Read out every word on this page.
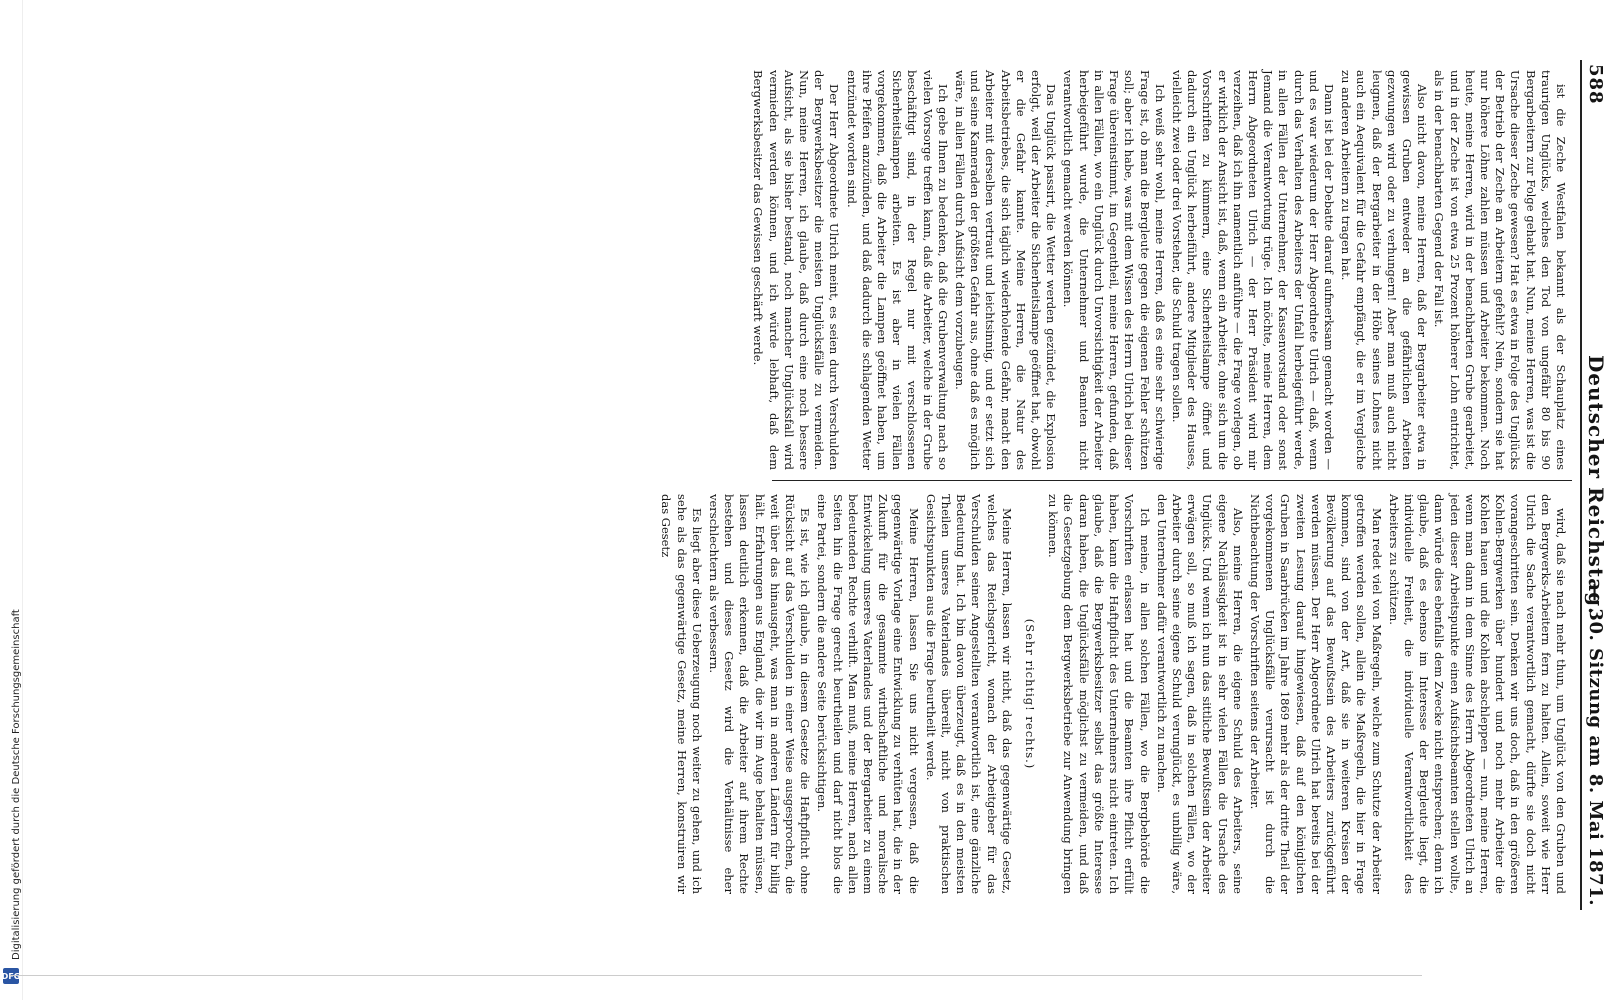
Digitalisierung gefördert durch die Deutsche Forschungsgemeinschaft
DFG
588
Deutscher Reichstag.
— 30. Sitzung am 8. Mai 1871.

ist die Zeche Westfalen bekannt als der Schauplatz eines traurigen Unglücks, welches den Tod von ungefähr 80 bis 90 Bergarbeitern zur Folge gehabt hat. Nun, meine Herren, was ist die Ursache dieser Zeche gewesen? Hat es etwa in Folge des Unglücks der Betrieb der Zeche an Arbeitern gefehlt? Nein, sondern sie hat nur höhere Löhne zahlen müssen und Arbeiter bekommen. Noch heute, meine Herren, wird in der benachbarten Grube gearbeitet, und in der Zeche ist von etwa 25 Prozent höherer Lohn entrichtet, als in der benachbarten Gegend der Fall ist.

Also nicht davon, meine Herren, daß der Bergarbeiter etwa in gewissen Gruben entweder an die gefährlichen Arbeiten gezwungen wird oder zu verhungern! Aber man muß auch nicht leugnen, daß der Bergarbeiter in der Höhe seines Lohnes nicht auch ein Aequivalent für die Gefahr empfängt, die er im Vergleiche zu anderen Arbeitern zu tragen hat.

Dann ist bei der Debatte darauf aufmerksam gemacht worden — und es war wiederum der Herr Abgeordnete Ulrich — daß, wenn durch das Verhalten des Arbeiters der Unfall herbeigeführt werde, in allen Fällen der Unternehmer, der Kassenvorstand oder sonst Jemand die Verantwortung trüge. Ich möchte, meine Herren, dem Herrn Abgeordneten Ulrich — der Herr Präsident wird mir verzeihen, daß ich ihn namentlich anführe — die Frage vorlegen, ob er wirklich der Ansicht ist, daß, wenn ein Arbeiter, ohne sich um die Vorschriften zu kümmern, eine Sicherheitslampe öffnet und dadurch ein Unglück herbeiführt, andere Mitglieder des Hauses, vielleicht zwei oder drei Vorsteher, die Schuld tragen sollen.

Ich weiß sehr wohl, meine Herren, daß es eine sehr schwierige Frage ist, ob man die Bergleute gegen die eigenen Fehler schützen soll; aber ich habe, was mit dem Wissen des Herrn Ulrich bei dieser Frage übereinstimmt, im Gegentheil, meine Herren, gefunden, daß in allen Fällen, wo ein Unglück durch Unvorsichtigkeit der Arbeiter herbeigeführt wurde, die Unternehmer und Beamten nicht verantwortlich gemacht werden können.

Das Unglück passirt, die Wetter werden gezündet, die Explosion erfolgt, weil der Arbeiter die Sicherheitslampe geöffnet hat, obwohl er die Gefahr kannte. Meine Herren, die Natur des Arbeitsbetriebes, die sich täglich wiederholende Gefahr, macht den Arbeiter mit derselben vertraut und leichtsinnig, und er setzt sich und seine Kameraden der größten Gefahr aus, ohne daß es möglich wäre, in allen Fällen durch Aufsicht dem vorzubeugen.

Ich gebe Ihnen zu bedenken, daß die Grubenverwaltung nach so vielen Vorsorge treffen kann, daß die Arbeiter, welche in der Grube beschäftigt sind, in der Regel nur mit verschlossenen Sicherheitslampen arbeiten. Es ist aber in vielen Fällen vorgekommen, daß die Arbeiter die Lampen geöffnet haben, um ihre Pfeifen anzuzünden, und daß dadurch die schlagenden Wetter entzündet worden sind.

Der Herr Abgeordnete Ulrich meint, es seien durch Verschulden der Bergwerksbesitzer die meisten Unglücksfälle zu vermeiden. Nun, meine Herren, ich glaube, daß durch eine noch bessere Aufsicht, als sie bisher bestand, noch mancher Unglücksfall wird vermieden werden können, und ich würde lebhaft, daß dem Bergwerksbesitzer das Gewissen geschärft werde.

wird, daß sie nach mehr thun, um Unglück von den Gruben und den Bergwerks-Arbeitern fern zu halten. Allein, soweit wie Herr Ulrich die Sache verantwortlich gemacht, dürfte sie doch nicht vorangeschritten sein. Denken wir uns doch, daß in den größeren Kohlen-Bergwerken über hundert und noch mehr Arbeiter die Kohlen hauen und die Kohlen abschleppen — nun, meine Herren, wenn man dann in dem Sinne des Herrn Abgeordneten Ulrich an jeden dieser Arbeitspunkte einen Aufsichtsbeamten stellen wollte, dann würde dies ebenfalls dem Zwecke nicht entsprechen; denn ich glaube, daß es ebenso im Interesse der Bergleute liegt, die individuelle Freiheit, die individuelle Verantwortlichkeit des Arbeiters zu schützen.

Man redet viel von Maßregeln, welche zum Schutze der Arbeiter getroffen werden sollen, allein die Maßregeln, die hier in Frage kommen, sind von der Art, daß sie in weiteren Kreisen der Bevölkerung auf das Bewußtsein des Arbeiters zurückgeführt werden müssen. Der Herr Abgeordnete Ulrich hat bereits bei der zweiten Lesung darauf hingewiesen, daß auf den königlichen Gruben in Saarbrücken im Jahre 1869 mehr als der dritte Theil der vorgekommenen Unglücksfälle verursacht ist durch die Nichtbeachtung der Vorschriften seitens der Arbeiter.

Also, meine Herren, die eigene Schuld des Arbeiters, seine eigene Nachlässigkeit ist in sehr vielen Fällen die Ursache des Unglücks. Und wenn ich nun das sittliche Bewußtsein der Arbeiter erwägen soll, so muß ich sagen, daß in solchen Fällen, wo der Arbeiter durch seine eigene Schuld verunglückt, es unbillig wäre, den Unternehmer dafür verantwortlich zu machen.

Ich meine, in allen solchen Fällen, wo die Bergbehörde die Vorschriften erlassen hat und die Beamten ihre Pflicht erfüllt haben, kann die Haftpflicht des Unternehmers nicht eintreten. Ich glaube, daß die Bergwerksbesitzer selbst das größte Interesse daran haben, die Unglücksfälle möglichst zu vermeiden, und daß die Gesetzgebung dem Bergwerksbetriebe zur Anwendung bringen zu können.

(Sehr richtig! rechts.)

Meine Herren, lassen wir nicht, daß das gegenwärtige Gesetz, welches das Reichsgericht, wonach der Arbeitgeber für das Verschulden seiner Angestellten verantwortlich ist, eine gänzliche Bedeutung hat. Ich bin davon überzeugt, daß es in den meisten Theilen unseres Vaterlandes übereilt, nicht von praktischen Gesichtspunkten aus die Frage beurtheilt werde.

Meine Herren, lassen Sie uns nicht vergessen, daß die gegenwärtige Vorlage eine Entwicklung zu verhüten hat, die in der Zukunft für die gesammte wirthschaftliche und moralische Entwickelung unseres Vaterlandes und der Bergarbeiter zu einem bedeutenden Rechte verhilft. Man muß, meine Herren, nach allen Seiten hin die Frage gerecht beurtheilen und darf nicht blos die eine Partei, sondern die andere Seite berücksichtigen.

Es ist, wie ich glaube, in diesem Gesetze die Haftpflicht ohne Rücksicht auf das Verschulden in einer Weise ausgesprochen, die weit über das hinausgeht, was man in anderen Ländern für billig hält. Erfahrungen aus England, die wir im Auge behalten müssen, lassen deutlich erkennen, daß die Arbeiter auf ihrem Rechte bestehen und dieses Gesetz wird die Verhältnisse eher verschlechtern als verbessern.

Es liegt aber diese Ueberzeugung noch weiter zu gehen, und ich sehe als das gegenwärtige Gesetz, meine Herren, konstruiren wir das Gesetz
